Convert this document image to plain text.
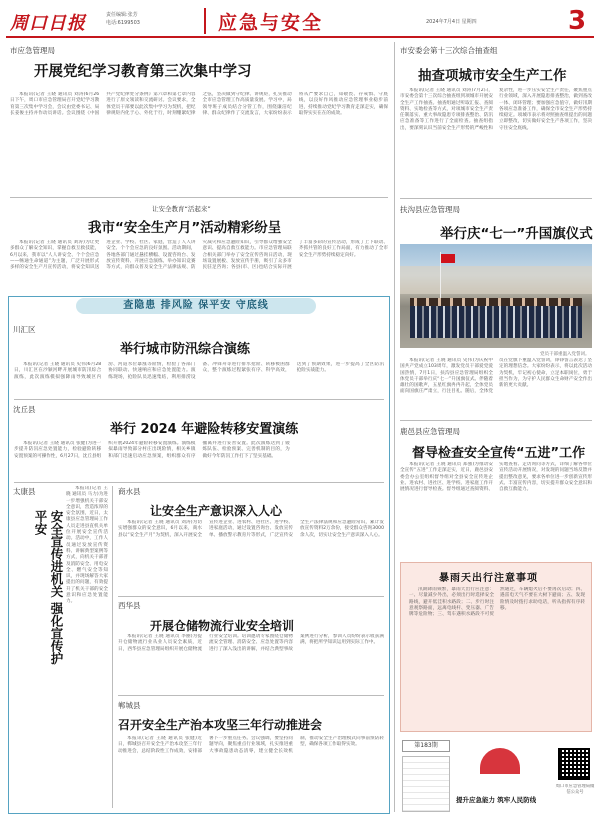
周口日报	责任编辑:张芳
电话:6199503	应急与安全	2024年7月4日 星期四	3
市应急管理局
开展党纪学习教育第三次集中学习

本报讯(记者 王晓 通讯员 刘涛)6月26日下午，周口市应急管理局召开党纪学习教育第三次集中学习会，会议由党委书记、局长姜俊主持并作动员讲话。会议围绕《中国共产党纪律处分条例》第六章和第七章内容进行了原文领读和交流研讨。会议要求，全体党员干部要以此次集中学习为契机，把纪律规矩内化于心、外化于行，时刻绷紧纪律之弦，坚决做到守纪律、讲规矩，扎实推动全市应急管理工作高质量发展。学习中，局领导班子成员结合分管工作，围绕廉洁纪律、群众纪律作了交流发言，大家纷纷表示将从严要求自己，知敬畏、存戒惧、守底线，以良好作风推动应急管理事业稳步前进，持续推动党纪学习教育走深走实，确保取得实实在在的成效。

让安全教育“活起来”
我市“安全生产月”活动精彩纷呈

本报讯(记者 王晓 通讯员 刘涛)为让更多群众了解安全知识，掌握自救互救技能，6月以来，我市以“人人讲安全、个个会应急——畅通生命通道”为主题，广泛开展形式多样的安全生产月宣传活动，将安全知识送进企业、学校、社区、家庭，营造了人人讲安全、个个会应急的良好氛围。活动期间，各地各部门通过悬挂横幅、设置咨询台、发放宣传资料、开展应急演练、举办知识竞赛等方式，向群众普及安全生产法律法规、防灾减灾和应急避险知识，引导群众增强安全意识、提高自救互救能力。市应急管理局联合相关部门举办了安全宣传咨询日活动，现场设置展板、发放宣传手册，吸引了众多市民驻足咨询；各县(市、区)也结合实际开展了丰富多彩的宣传活动，形成了上下联动、齐抓共管的良好工作局面，有力推动了全市安全生产形势持续稳定向好。

市安委会第十三次综合抽查组
抽查项城市安全生产工作

本报讯(记者 王晓 通讯员 刘涛)7月2日，市安委会第十三次综合抽查组到项城市开展安全生产工作抽查。抽查组通过听取汇报、查阅资料、实地检查等方式，对项城市安全生产责任制落实、重大事故隐患专项排查整治、防汛应急准备等工作进行了全面检查。抽查组指出，要深刻认识当前安全生产形势的严峻性和复杂性，进一步压实安全生产责任，聚焦重点行业领域，深入开展隐患排查整治，做到查改一体、闭环管理；要加强应急值守，做好汛期各项应急准备工作，确保全市安全生产形势持续稳定。项城市表示将对照抽查组提出的问题立即整改，切实做好安全生产各项工作，坚决守住安全底线。

扶沟县应急管理局
举行庆“七一”升国旗仪式
党员干部重温入党誓词。

本报讯(记者 王晓 通讯员 史伟)为庆祝中国共产党成立103周年，激发党员干部爱党爱国热情，7月1日，扶沟县应急管理局组织全体党员干部举行庆“七一”升国旗仪式。伴随着雄壮的国歌声，五星红旗冉冉升起，全体党员面向国旗庄严肃立，行注目礼。随后，全体党员在党旗下重温入党誓词，铮铮誓言表达了坚定的理想信念。大家纷纷表示，将以此次活动为契机，牢记初心使命，立足本职岗位，勇于担当作为，为守护人民群众生命财产安全作出新的更大贡献。

鹿邑县应急管理局
督导检查安全宣传“五进”工作

本报讯(记者 王晓 通讯员 郑强)为推动安全宣传“五进”工作走深走实，近日，鹿邑县安委会办公室组织督导组对全县安全宣传进企业、进农村、进社区、进学校、进家庭工作开展情况进行督导检查。督导组通过查阅资料、实地查看、走访询问等方式，详细了解各单位宣传活动开展情况，对发现的问题当场反馈并提出整改意见，要求各单位进一步创新宣传形式、丰富宣传内容，切实提升群众安全意识和自救互救能力。

暴雨天出行注意事项

汛期降雨频繁，暴雨天出行应注意：一、尽量减少外出，必须出行时选择安全路线，避开低洼积水路段；二、步行时注意观察路面，远离电线杆、变压器、广告牌等危险物；三、驾车遇积水路段不可贸然通过，车辆熄火后不要再次启动；四、遇雷电天气不要在大树下避雨；五、发现险情及时拨打求助电话，听从指挥有序转移。

第183期
提升应急能力 筑牢人民防线
周口市应急管理局微信公众号
查隐患 排风险 保平安 守底线
川汇区
举行城市防汛综合演练

本报讯(记者 王晓 通讯员 史伟)6月28日，川汇区在沙颍河畔开展城市防汛综合演练，此次演练模拟强降雨导致城区内涝、河道水位暴涨等险情，检验了各部门协同联动、快速响应和应急处置能力。演练现场，抢险队员迅速集结，利用排涝设备、冲锋舟等进行排水抢险、转移被困群众，整个演练过程紧张有序、科学高效，达到了预期效果，进一步提高了全区防汛抢险实战能力。

沈丘县
举行 2024 年避险转移安置演练

本报讯(记者 王晓 通讯员 张健)为进一步提升防汛应急处置能力，检验避险转移安置预案的可操作性，6月27日，沈丘县组织开展2024年避险转移安置演练。演练模拟暴雨导致部分村庄出现险情，相关乡镇和部门迅速启动应急预案，组织群众有序撤离并进行妥善安置。此次演练达到了锻炼队伍、检验预案、完善机制的目的，为做好今年防汛工作打下了坚实基础。

太康县
安全宣传进机关 强化宣传护平安

本报讯(记者 王晓 通讯员 马力)为进一步增强机关干部安全意识，营造浓厚的安全氛围，近日，太康县应急管理局工作人员走进县直机关单位开展安全宣传活动。活动中，工作人员通过发放宣传资料、讲解典型案例等方式，向机关干部普及消防安全、用电安全、燃气安全等知识，并现场解答大家提出的问题，有效提升了机关干部的安全意识和应急处置能力。

商水县
让安全生产意识深入人心

本报讯(记者 王晓 通讯员 刘涛)为切实增强群众的安全意识，6月以来，商水县以“安全生产月”为契机，深入开展安全宣传进企业、进农村、进社区、进学校、进家庭活动，通过设置咨询台、发放宣传单、播放警示教育片等形式，广泛宣传安全生产法律法规和应急避险常识，累计发放宣传资料2万余份，接受群众咨询3000余人次，切实让安全生产意识深入人心。

西华县
开展仓储物流行业安全培训

本报讯(记者 王晓 通讯员 李丽)为提升仓储物流行业从业人员安全素质，近日，西华县应急管理局组织开展仓储物流行业安全培训。培训邀请专家围绕仓储物流安全管理、消防安全、应急处置等内容进行了深入浅出的讲解，并结合典型事故案例进行分析，参训人员纷纷表示收获满满，将把所学知识运用到实际工作中。

郸城县
召开安全生产治本攻坚三年行动推进会

本报讯(记者 王晓 通讯员 张健)近日，郸城县召开安全生产治本攻坚三年行动推进会，总结阶段性工作成效，安排部署下一步重点任务。会议强调，要坚持问题导向，聚焦重点行业领域，扎实推进重大事故隐患动态清零，建立健全长效机制，推动安全生产治理模式向事前预防转型，确保各项工作取得实效。
